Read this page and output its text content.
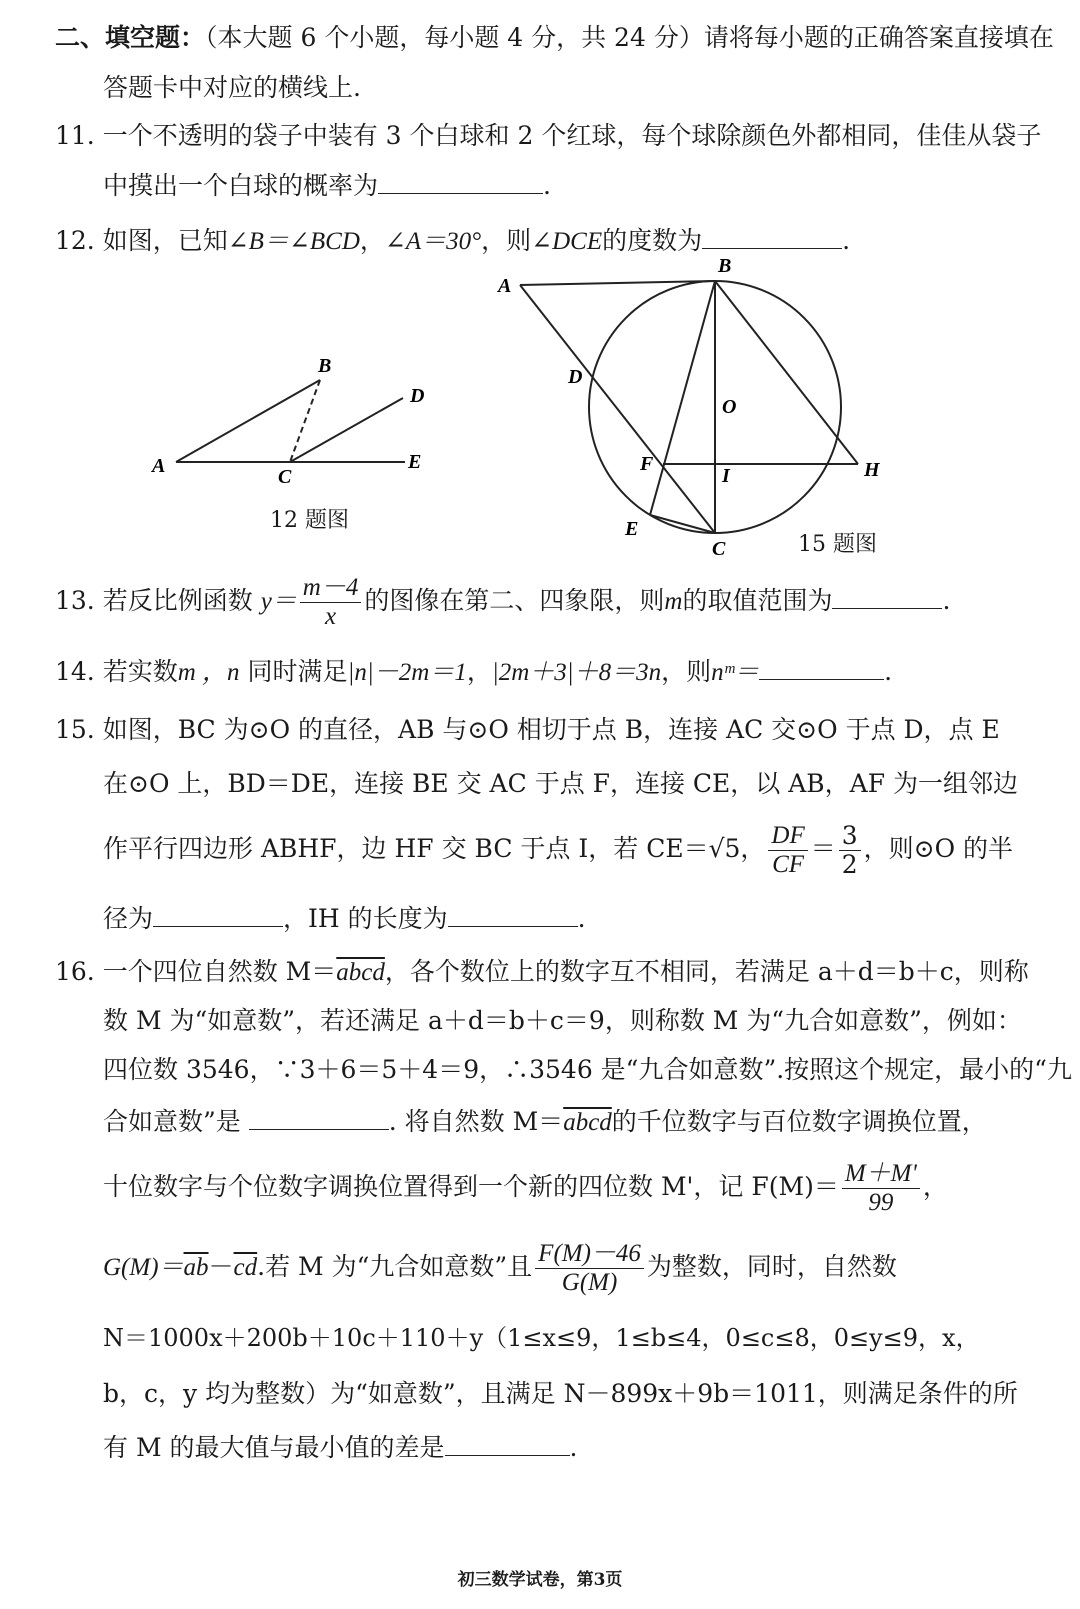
二、填空题：（本大题 6 个小题，每小题 4 分，共 24 分）请将每小题的正确答案直接填在
答题卡中对应的横线上.
11. 一个不透明的袋子中装有 3 个白球和 2 个红球，每个球除颜色外都相同，佳佳从袋子
中摸出一个白球的概率为	.
12. 如图，已知∠B＝∠BCD，∠A＝30°，则∠DCE的度数为	.
A
B
C
D
E
12 题图
A
B
C
D
E
F	H
I
O
15 题图
13. 若反比例函数 $y= \frac{m-4}{x}$ 的图像在第二、四象限，则m的取值范围为	.
14. 若实数m ，n 同时满足|n|－2m＝1，|2m＋3|＋8＝3n，则nᵐ＝	.
15. 如图，BC 为⊙O 的直径，AB 与⊙O 相切于点 B，连接 AC 交⊙O 于点 D，点 E
在⊙O 上，BD＝DE，连接 BE 交 AC 于点 F，连接 CE，以 AB，AF 为一组邻边
作平行四边形 ABHF，边 HF 交 BC 于点 I，若 CE＝√5， $\frac{DF}{CF} = \frac{3}{2}$ ，则⊙O 的半
径为	，IH 的长度为	.
16. 一个四位自然数 M＝abcd，各个数位上的数字互不相同，若满足 a＋d＝b＋c，则称
数 M 为“如意数”，若还满足 a＋d＝b＋c＝9，则称数 M 为“九合如意数”，例如：
四位数 3546，∵3＋6＝5＋4＝9，∴3546 是“九合如意数”.按照这个规定，最小的“九
合如意数”是	. 将自然数 M＝abcd的千位数字与百位数字调换位置，
十位数字与个位数字调换位置得到一个新的四位数 M'，记 $F(M)= \frac{M+M'}{99}$ ，
$G(M)=\overline{ab}-\overline{cd}$.若 M 为“九合如意数”且 $\frac{F(M)-46}{G(M)}$ 为整数，同时，自然数
N＝1000x＋200b＋10c＋110＋y（1≤x≤9，1≤b≤4，0≤c≤8，0≤y≤9，x，
b，c，y 均为整数）为“如意数”，且满足 N－899x＋9b＝1011，则满足条件的所
有 M 的最大值与最小值的差是	.
初三数学试卷，第3页
